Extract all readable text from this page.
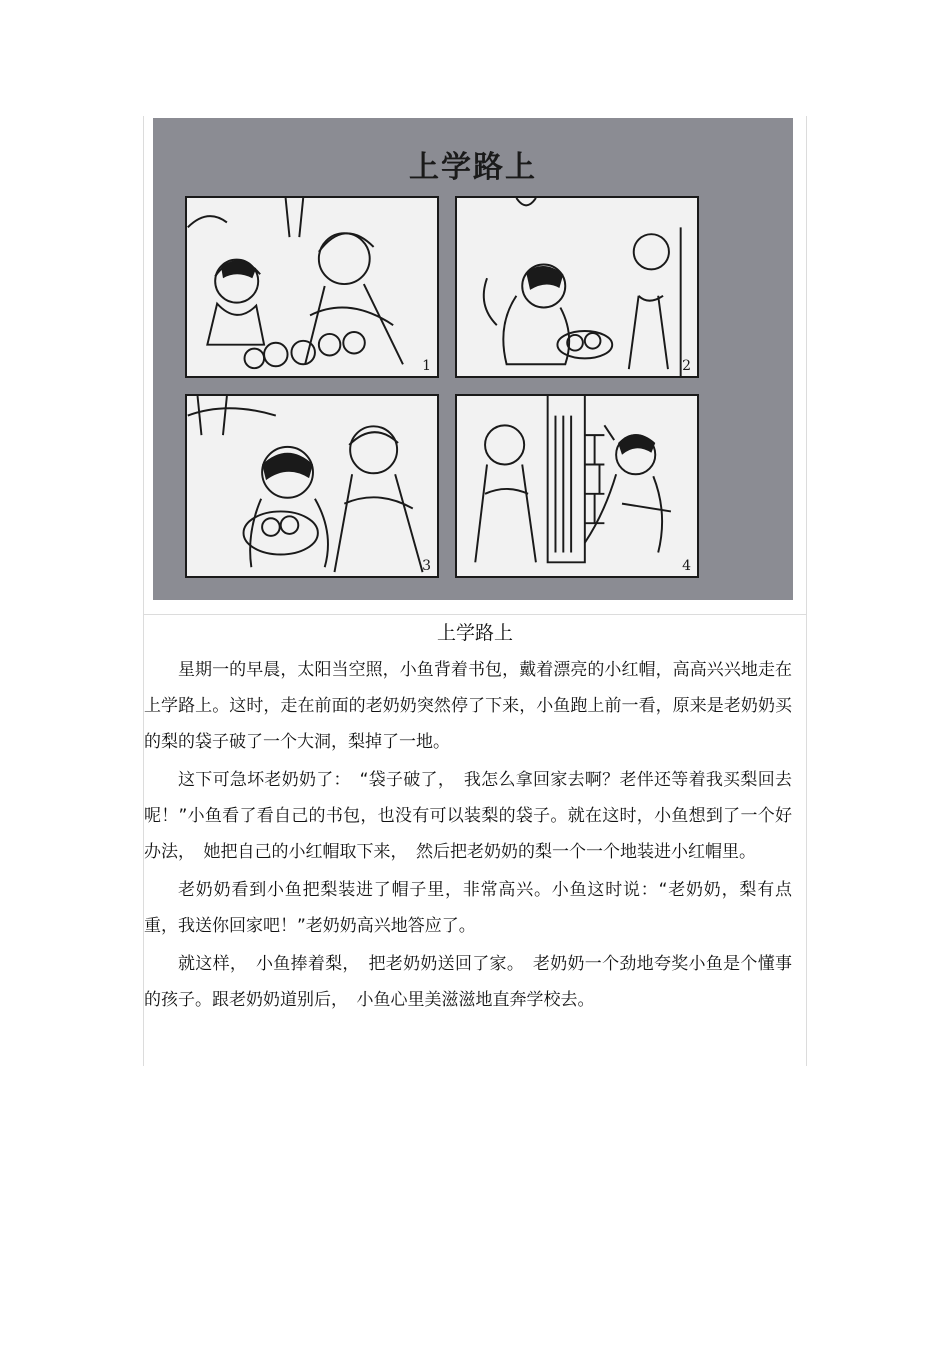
上学路上
1	2
3	4
上学路上

星期一的早晨，太阳当空照，小鱼背着书包，戴着漂亮的小红帽，高高兴兴地走在上学路上。这时，走在前面的老奶奶突然停了下来，小鱼跑上前一看，原来是老奶奶买的梨的袋子破了一个大洞，梨掉了一地。

这下可急坏老奶奶了：　“袋子破了，　我怎么拿回家去啊？老伴还等着我买梨回去呢！”小鱼看了看自己的书包，也没有可以装梨的袋子。就在这时，小鱼想到了一个好办法，　她把自己的小红帽取下来，　然后把老奶奶的梨一个一个地装进小红帽里。

老奶奶看到小鱼把梨装进了帽子里，非常高兴。小鱼这时说：“老奶奶，梨有点重，我送你回家吧！”老奶奶高兴地答应了。

就这样，　小鱼捧着梨，　把老奶奶送回了家。　老奶奶一个劲地夸奖小鱼是个懂事的孩子。跟老奶奶道别后，　小鱼心里美滋滋地直奔学校去。
